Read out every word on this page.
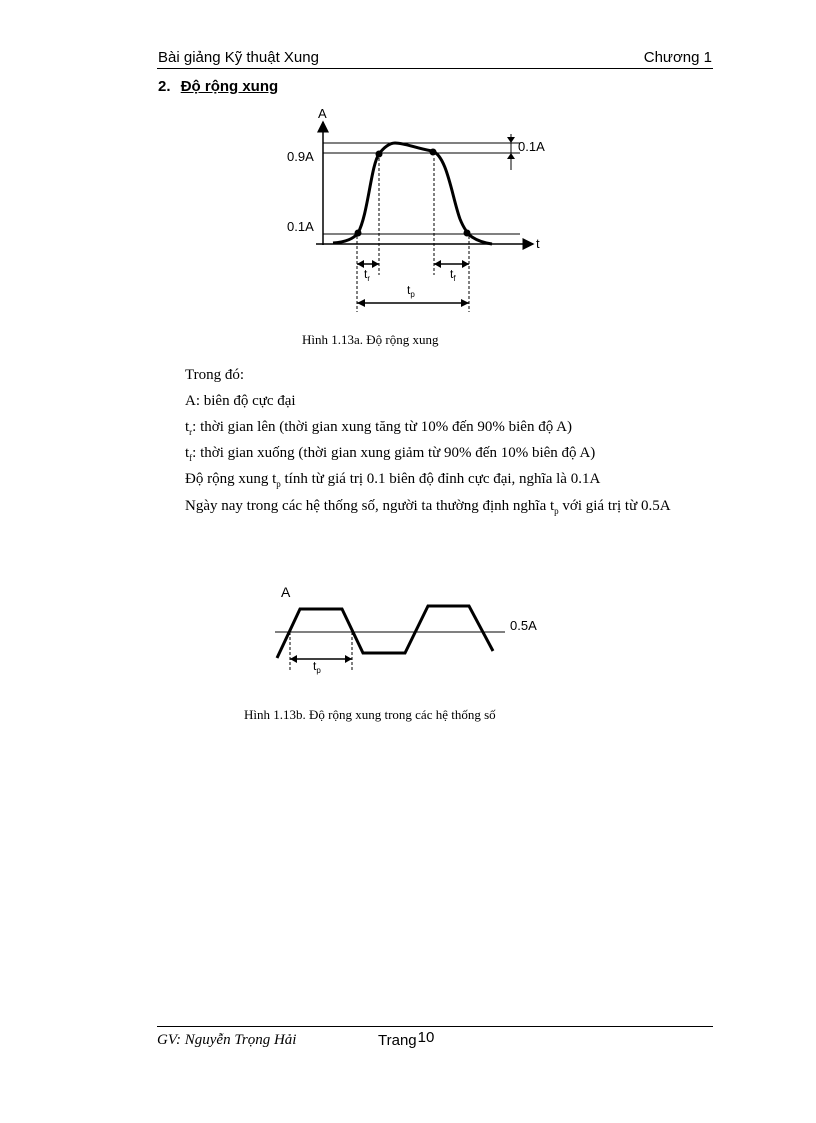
Bài giảng Kỹ thuật Xung	Chương 1
2. Độ rộng xung
A
t
0.9A
0.1A
0.1A
$t_r$	$t_f$
$t_p$
Hình 1.13a. Độ rộng xung
Trong đó:
A: biên độ cực đại
$t_r$: thời gian lên (thời gian xung tăng từ 10% đến 90% biên độ A)
$t_f$: thời gian xuống (thời gian xung giảm từ 90% đến 10% biên độ A)
Độ rộng xung $t_p$ tính từ giá trị 0.1 biên độ đỉnh cực đại, nghĩa là 0.1A
Ngày nay trong các hệ thống số, người ta thường định nghĩa $t_p$ với giá trị từ 0.5A
A
0.5A
$t_p$
Hình 1.13b. Độ rộng xung trong các hệ thống số
GV: Nguyễn Trọng Hải	Trang10
